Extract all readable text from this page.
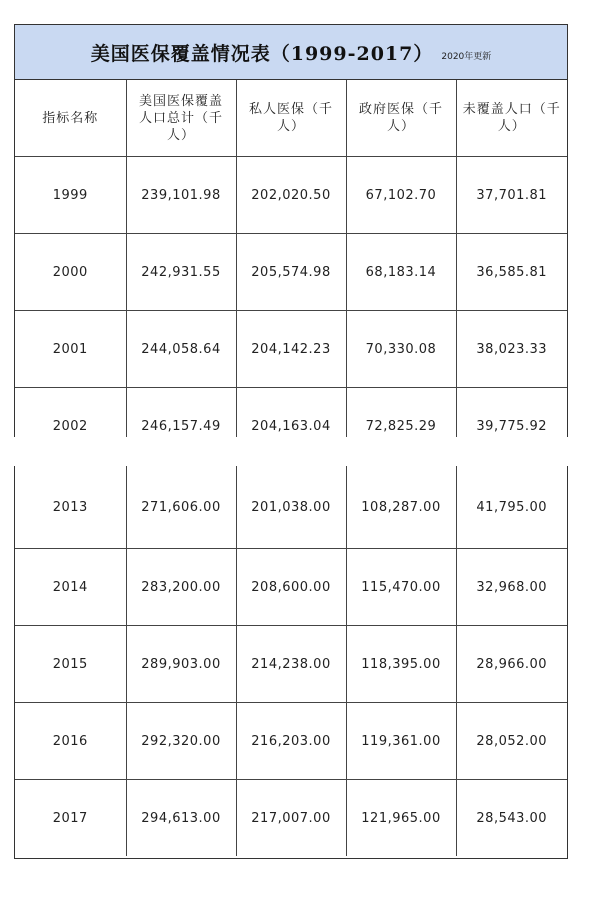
美国医保覆盖情况表（1999-2017） 2020年更新
指标名称	美国医保覆盖人口总计（千人）	私人医保（千人）	政府医保（千人）	未覆盖人口（千人）
1999	239,101.98	202,020.50	67,102.70	37,701.81
2000	242,931.55	205,574.98	68,183.14	36,585.81
2001	244,058.64	204,142.23	70,330.08	38,023.33
2002	246,157.49	204,163.04	72,825.29	39,775.92
2013	271,606.00	201,038.00	108,287.00	41,795.00
2014	283,200.00	208,600.00	115,470.00	32,968.00
2015	289,903.00	214,238.00	118,395.00	28,966.00
2016	292,320.00	216,203.00	119,361.00	28,052.00
2017	294,613.00	217,007.00	121,965.00	28,543.00
